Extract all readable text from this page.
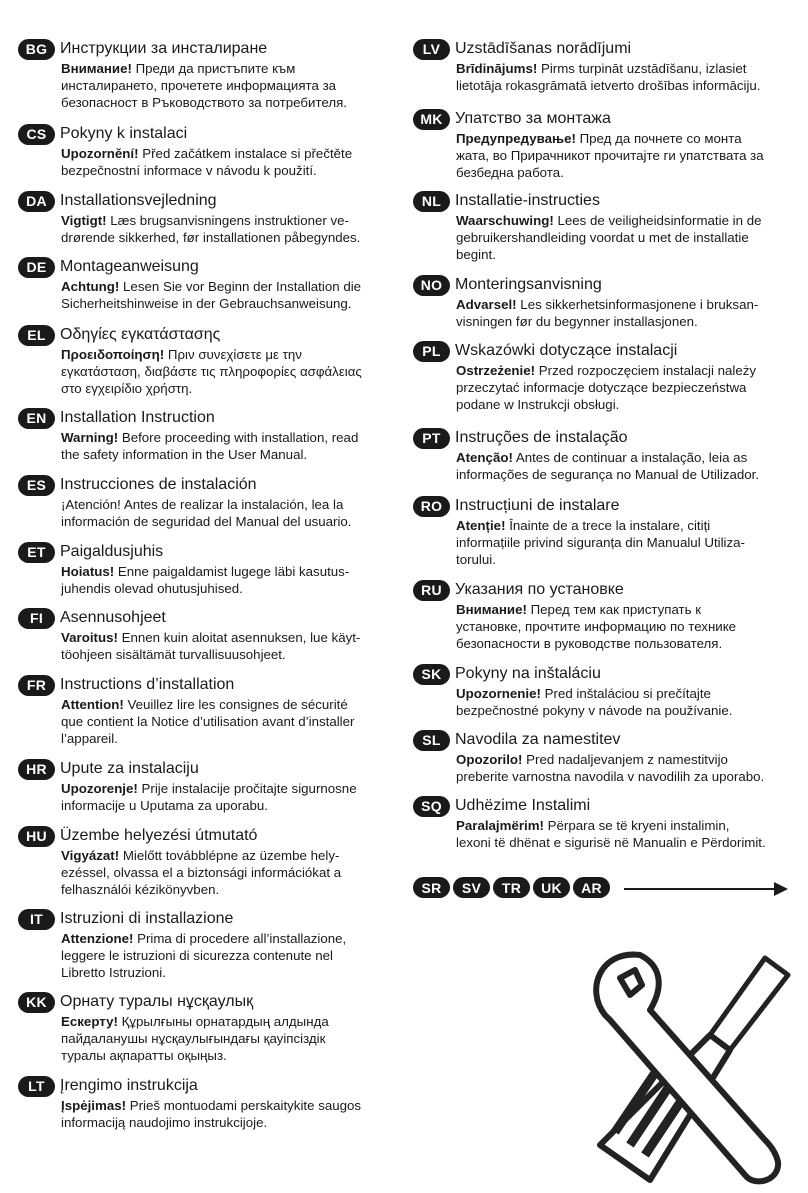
BG Инструкции за инсталиране
Внимание! Преди да пристъпите към
инсталирането, прочетете информацията за
безопасност в Ръководството за потребителя.
CS Pokyny k instalaci
Upozornění! Před začátkem instalace si přečtěte
bezpečnostní informace v návodu k použití.
DA Installationsvejledning
Vigtigt! Læs brugsanvisningens instruktioner ve-
drørende sikkerhed, før installationen påbegyndes.
DE Montageanweisung
Achtung! Lesen Sie vor Beginn der Installation die
Sicherheitshinweise in der Gebrauchsanweisung.
EL Οδηγίες εγκατάστασης
Προειδοποίηση! Πριν συνεχίσετε με την
εγκατάσταση, διαβάστε τις πληροφορίες ασφάλειας
στο εγχειρίδιο χρήστη.
EN Installation Instruction
Warning! Before proceeding with installation, read
the safety information in the User Manual.
ES Instrucciones de instalación
¡Atención! Antes de realizar la instalación, lea la
información de seguridad del Manual del usuario.
ET Paigaldusjuhis
Hoiatus! Enne paigaldamist lugege läbi kasutus-
juhendis olevad ohutusjuhised.
FI	Asennusohjeet
Varoitus! Ennen kuin aloitat asennuksen, lue käyt-
töohjeen sisältämät turvallisuusohjeet.
FR Instructions d’installation
Attention! Veuillez lire les consignes de sécurité
que contient la Notice d’utilisation avant d’installer
l’appareil.
HR Upute za instalaciju
Upozorenje! Prije instalacije pročitajte sigurnosne
informacije u Uputama za uporabu.
HU Üzembe helyezési útmutató
Vigyázat! Mielőtt továbblépne az üzembe hely-
ezéssel, olvassa el a biztonsági információkat a
felhasználói kézikönyvben.
IT	Istruzioni di installazione
Attenzione! Prima di procedere all’installazione,
leggere le istruzioni di sicurezza contenute nel
Libretto Istruzioni.
KK Орнату туралы нұсқаулық
Ескерту! Құрылғыны орнатардың алдында
пайдаланушы нұсқаулығындағы қауіпсіздік
туралы ақпаратты оқыңыз.
LT Įrengimo instrukcija
Įspėjimas! Prieš montuodami perskaitykite saugos
informaciją naudojimo instrukcijoje.
LV Uzstādīšanas norādījumi
Brīdinājums! Pirms turpināt uzstādīšanu, izlasiet
lietotāja rokasgrāmatā ietverto drošības informāciju.
MK Упатство за монтажа
Предупредување! Пред да почнете со монта
жата, во Прирачникот прочитајте ги упатствата за
безбедна работа.
NL Installatie-instructies
Waarschuwing! Lees de veiligheidsinformatie in de
gebruikershandleiding voordat u met de installatie
begint.
NO Monteringsanvisning
Advarsel! Les sikkerhetsinformasjonene i bruksan-
visningen før du begynner installasjonen.
PL Wskazówki dotyczące instalacji
Ostrzeżenie! Przed rozpoczęciem instalacji należy
przeczytać informacje dotyczące bezpieczeństwa
podane w Instrukcji obsługi.
PT Instruções de instalação
Atenção! Antes de continuar a instalação, leia as
informações de segurança no Manual de Utilizador.
RO Instrucțiuni de instalare
Atenție! Înainte de a trece la instalare, citiți
informațiile privind siguranța din Manualul Utiliza-
torului.
RU Указания по установке
Внимание! Перед тем как приступать к
установке, прочтите информацию по технике
безопасности в руководстве пользователя.
SK Pokyny na inštaláciu
Upozornenie! Pred inštaláciou si prečítajte
bezpečnostné pokyny v návode na používanie.
SL Navodila za namestitev
Opozorilo! Pred nadaljevanjem z namestitvijo
preberite varnostna navodila v navodilih za uporabo.
SQ Udhëzime Instalimi
Paralajmërim! Përpara se të kryeni instalimin,
lexoni të dhënat e sigurisë në Manualin e Përdorimit.
SR	SV	TR	UK	AR
